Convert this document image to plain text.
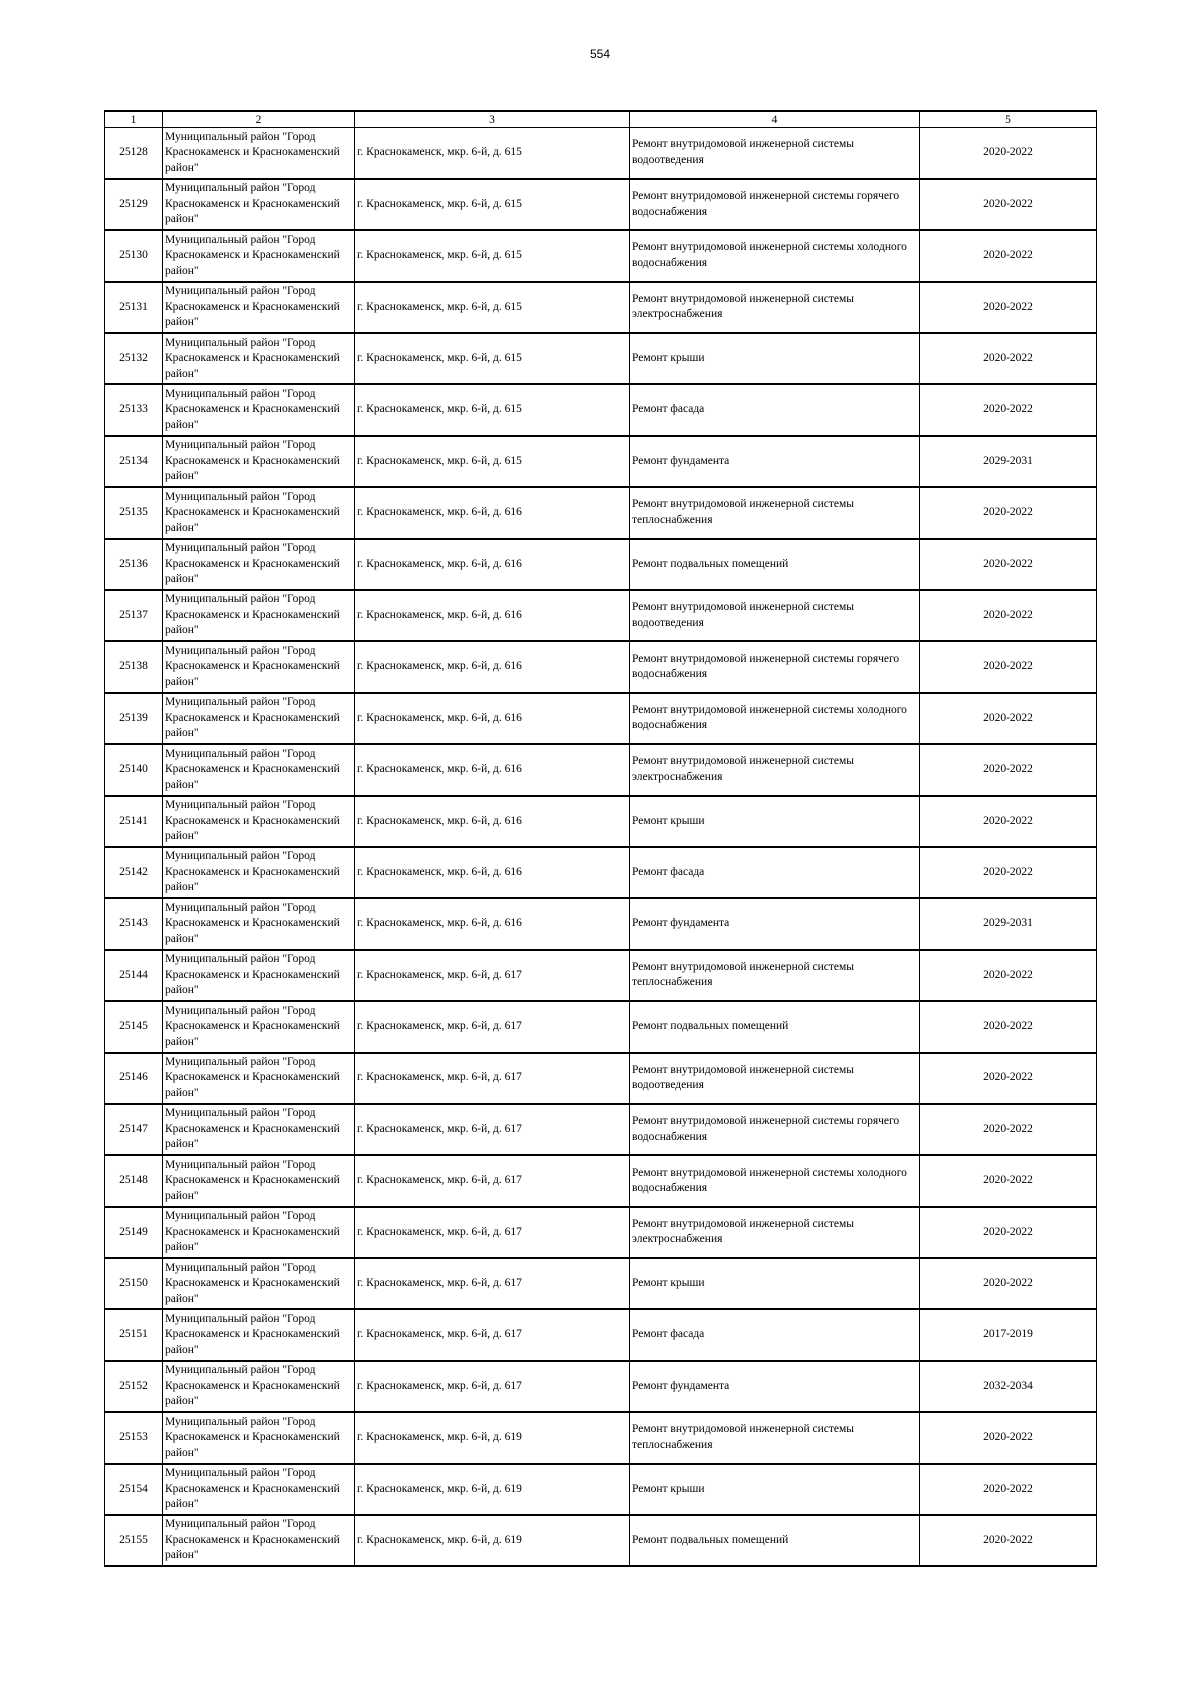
554
1	2	3	4	5
25128	Муниципальный район "Город Краснокаменск и Краснокаменский район"	г. Краснокаменск, мкр. 6-й, д. 615	Ремонт внутридомовой инженерной системы водоотведения	2020-2022
25129	Муниципальный район "Город Краснокаменск и Краснокаменский район"	г. Краснокаменск, мкр. 6-й, д. 615	Ремонт внутридомовой инженерной системы горячего водоснабжения	2020-2022
25130	Муниципальный район "Город Краснокаменск и Краснокаменский район"	г. Краснокаменск, мкр. 6-й, д. 615	Ремонт внутридомовой инженерной системы холодного водоснабжения	2020-2022
25131	Муниципальный район "Город Краснокаменск и Краснокаменский район"	г. Краснокаменск, мкр. 6-й, д. 615	Ремонт внутридомовой инженерной системы электроснабжения	2020-2022
25132	Муниципальный район "Город Краснокаменск и Краснокаменский район"	г. Краснокаменск, мкр. 6-й, д. 615	Ремонт крыши	2020-2022
25133	Муниципальный район "Город Краснокаменск и Краснокаменский район"	г. Краснокаменск, мкр. 6-й, д. 615	Ремонт фасада	2020-2022
25134	Муниципальный район "Город Краснокаменск и Краснокаменский район"	г. Краснокаменск, мкр. 6-й, д. 615	Ремонт фундамента	2029-2031
25135	Муниципальный район "Город Краснокаменск и Краснокаменский район"	г. Краснокаменск, мкр. 6-й, д. 616	Ремонт внутридомовой инженерной системы теплоснабжения	2020-2022
25136	Муниципальный район "Город Краснокаменск и Краснокаменский район"	г. Краснокаменск, мкр. 6-й, д. 616	Ремонт подвальных помещений	2020-2022
25137	Муниципальный район "Город Краснокаменск и Краснокаменский район"	г. Краснокаменск, мкр. 6-й, д. 616	Ремонт внутридомовой инженерной системы водоотведения	2020-2022
25138	Муниципальный район "Город Краснокаменск и Краснокаменский район"	г. Краснокаменск, мкр. 6-й, д. 616	Ремонт внутридомовой инженерной системы горячего водоснабжения	2020-2022
25139	Муниципальный район "Город Краснокаменск и Краснокаменский район"	г. Краснокаменск, мкр. 6-й, д. 616	Ремонт внутридомовой инженерной системы холодного водоснабжения	2020-2022
25140	Муниципальный район "Город Краснокаменск и Краснокаменский район"	г. Краснокаменск, мкр. 6-й, д. 616	Ремонт внутридомовой инженерной системы электроснабжения	2020-2022
25141	Муниципальный район "Город Краснокаменск и Краснокаменский район"	г. Краснокаменск, мкр. 6-й, д. 616	Ремонт крыши	2020-2022
25142	Муниципальный район "Город Краснокаменск и Краснокаменский район"	г. Краснокаменск, мкр. 6-й, д. 616	Ремонт фасада	2020-2022
25143	Муниципальный район "Город Краснокаменск и Краснокаменский район"	г. Краснокаменск, мкр. 6-й, д. 616	Ремонт фундамента	2029-2031
25144	Муниципальный район "Город Краснокаменск и Краснокаменский район"	г. Краснокаменск, мкр. 6-й, д. 617	Ремонт внутридомовой инженерной системы теплоснабжения	2020-2022
25145	Муниципальный район "Город Краснокаменск и Краснокаменский район"	г. Краснокаменск, мкр. 6-й, д. 617	Ремонт подвальных помещений	2020-2022
25146	Муниципальный район "Город Краснокаменск и Краснокаменский район"	г. Краснокаменск, мкр. 6-й, д. 617	Ремонт внутридомовой инженерной системы водоотведения	2020-2022
25147	Муниципальный район "Город Краснокаменск и Краснокаменский район"	г. Краснокаменск, мкр. 6-й, д. 617	Ремонт внутридомовой инженерной системы горячего водоснабжения	2020-2022
25148	Муниципальный район "Город Краснокаменск и Краснокаменский район"	г. Краснокаменск, мкр. 6-й, д. 617	Ремонт внутридомовой инженерной системы холодного водоснабжения	2020-2022
25149	Муниципальный район "Город Краснокаменск и Краснокаменский район"	г. Краснокаменск, мкр. 6-й, д. 617	Ремонт внутридомовой инженерной системы электроснабжения	2020-2022
25150	Муниципальный район "Город Краснокаменск и Краснокаменский район"	г. Краснокаменск, мкр. 6-й, д. 617	Ремонт крыши	2020-2022
25151	Муниципальный район "Город Краснокаменск и Краснокаменский район"	г. Краснокаменск, мкр. 6-й, д. 617	Ремонт фасада	2017-2019
25152	Муниципальный район "Город Краснокаменск и Краснокаменский район"	г. Краснокаменск, мкр. 6-й, д. 617	Ремонт фундамента	2032-2034
25153	Муниципальный район "Город Краснокаменск и Краснокаменский район"	г. Краснокаменск, мкр. 6-й, д. 619	Ремонт внутридомовой инженерной системы теплоснабжения	2020-2022
25154	Муниципальный район "Город Краснокаменск и Краснокаменский район"	г. Краснокаменск, мкр. 6-й, д. 619	Ремонт крыши	2020-2022
25155	Муниципальный район "Город Краснокаменск и Краснокаменский район"	г. Краснокаменск, мкр. 6-й, д. 619	Ремонт подвальных помещений	2020-2022
